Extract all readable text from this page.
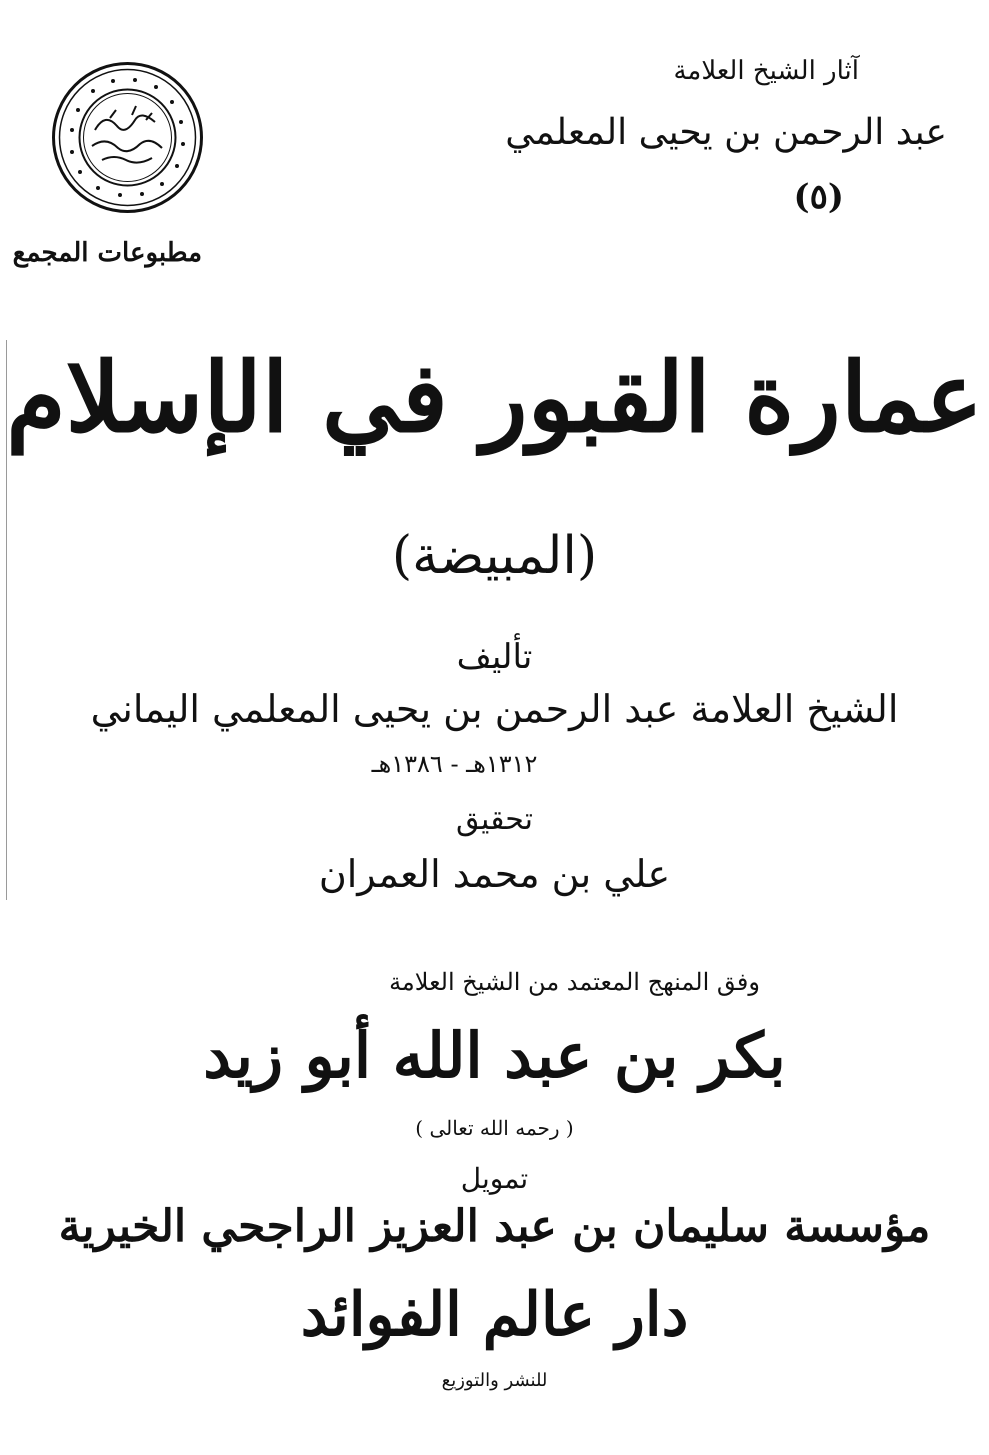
مطبوعات المجمع
آثار الشيخ العلامة
عبد الرحمن بن يحيى المعلمي
(٥)
عمارة القبور في الإسلام
(المبيضة)
تأليف
الشيخ العلامة عبد الرحمن بن يحيى المعلمي اليماني
١٣١٢هـ - ١٣٨٦هـ
تحقيق
علي بن محمد العمران
وفق المنهج المعتمد من الشيخ العلامة
بكر بن عبد الله أبو زيد
( رحمه الله تعالى )
تمويل
مؤسسة سليمان بن عبد العزيز الراجحي الخيرية
دار عالم الفوائد
للنشر والتوزيع
